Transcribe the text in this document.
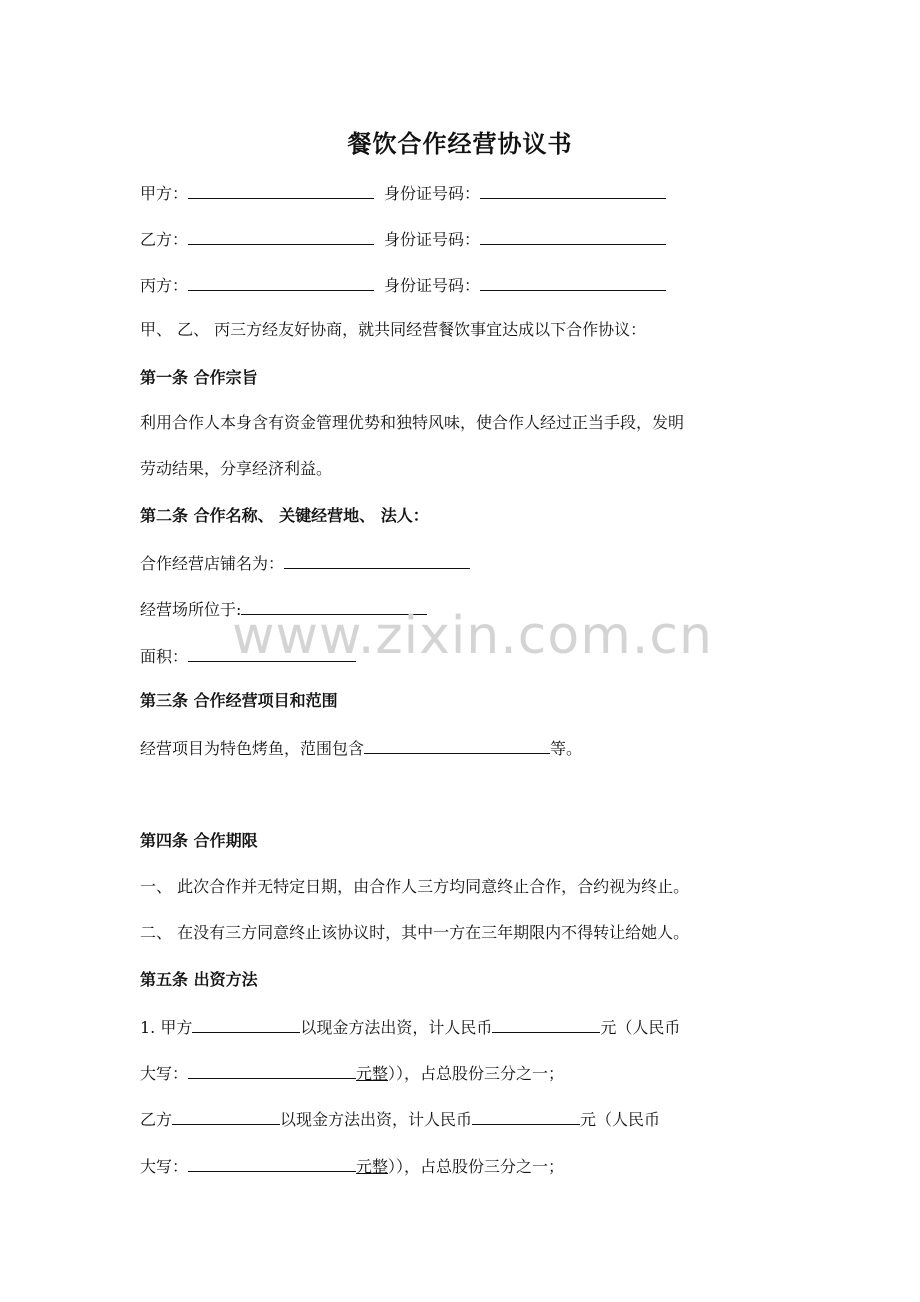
餐饮合作经营协议书
甲方：	身份证号码：
乙方：	身份证号码：
丙方：	身份证号码：
甲、 乙、 丙三方经友好协商，就共同经营餐饮事宜达成以下合作协议：
第一条 合作宗旨
利用合作人本身含有资金管理优势和独特风味，使合作人经过正当手段，发明
劳动结果，分享经济利益。
第二条 合作名称、 关键经营地、 法人：
合作经营店铺名为：
经营场所位于:
面积：
第三条 合作经营项目和范围
经营项目为特色烤鱼，范围包含	等。
第四条 合作期限
一、 此次合作并无特定日期，由合作人三方均同意终止合作，合约视为终止。
二、 在没有三方同意终止该协议时，其中一方在三年期限内不得转让给她人。
第五条 出资方法
1. 甲方	以现金方法出资，计人民币	元（人民币
大写：	元整）），占总股份三分之一；
乙方	以现金方法出资，计人民币	元（人民币
大写：	元整）），占总股份三分之一；
www.zixin.com.cn
